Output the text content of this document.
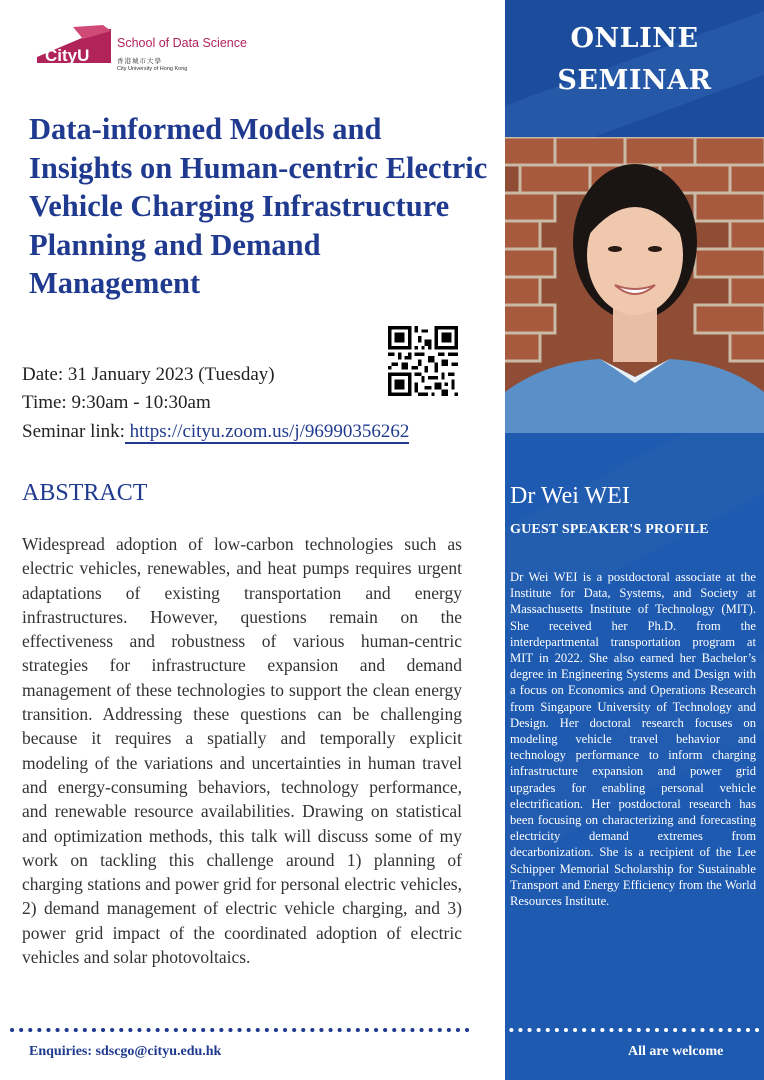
ONLINE
SEMINAR
Dr Wei WEI
GUEST SPEAKER'S PROFILE
Dr Wei WEI is a postdoctoral associate at the Institute for Data, Systems, and Society at Massachusetts Institute of Technology (MIT). She received her Ph.D. from the interdepartmental transportation program at MIT in 2022. She also earned her Bachelor’s degree in Engineering Systems and Design with a focus on Economics and Operations Research from Singapore University of Technology and Design. Her doctoral research focuses on modeling vehicle travel behavior and technology performance to inform charging infrastructure expansion and power grid upgrades for enabling personal vehicle electrification. Her postdoctoral research has been focusing on characterizing and forecasting electricity demand extremes from decarbonization. She is a recipient of the Lee Schipper Memorial Scholarship for Sustainable Transport and Energy Efficiency from the World Resources Institute.
CityU
School of Data Science
香港城市大學
City University of Hong Kong
Data-informed Models and Insights on Human-centric Electric Vehicle Charging Infrastructure Planning and Demand Management
Date: 31 January 2023 (Tuesday)
Time: 9:30am - 10:30am
Seminar link: https://cityu.zoom.us/j/96990356262
ABSTRACT
Widespread adoption of low-carbon technologies such as electric vehicles, renewables, and heat pumps requires urgent adaptations of existing transportation and energy infrastructures. However, questions remain on the effectiveness and robustness of various human-centric strategies for infrastructure expansion and demand management of these technologies to support the clean energy transition. Addressing these questions can be challenging because it requires a spatially and temporally explicit modeling of the variations and uncertainties in human travel and energy-consuming behaviors, technology performance, and renewable resource availabilities. Drawing on statistical and optimization methods, this talk will discuss some of my work on tackling this challenge around 1) planning of charging stations and power grid for personal electric vehicles, 2) demand management of electric vehicle charging, and 3) power grid impact of the coordinated adoption of electric vehicles and solar photovoltaics.
Enquiries: sdscgo@cityu.edu.hk	All are welcome
